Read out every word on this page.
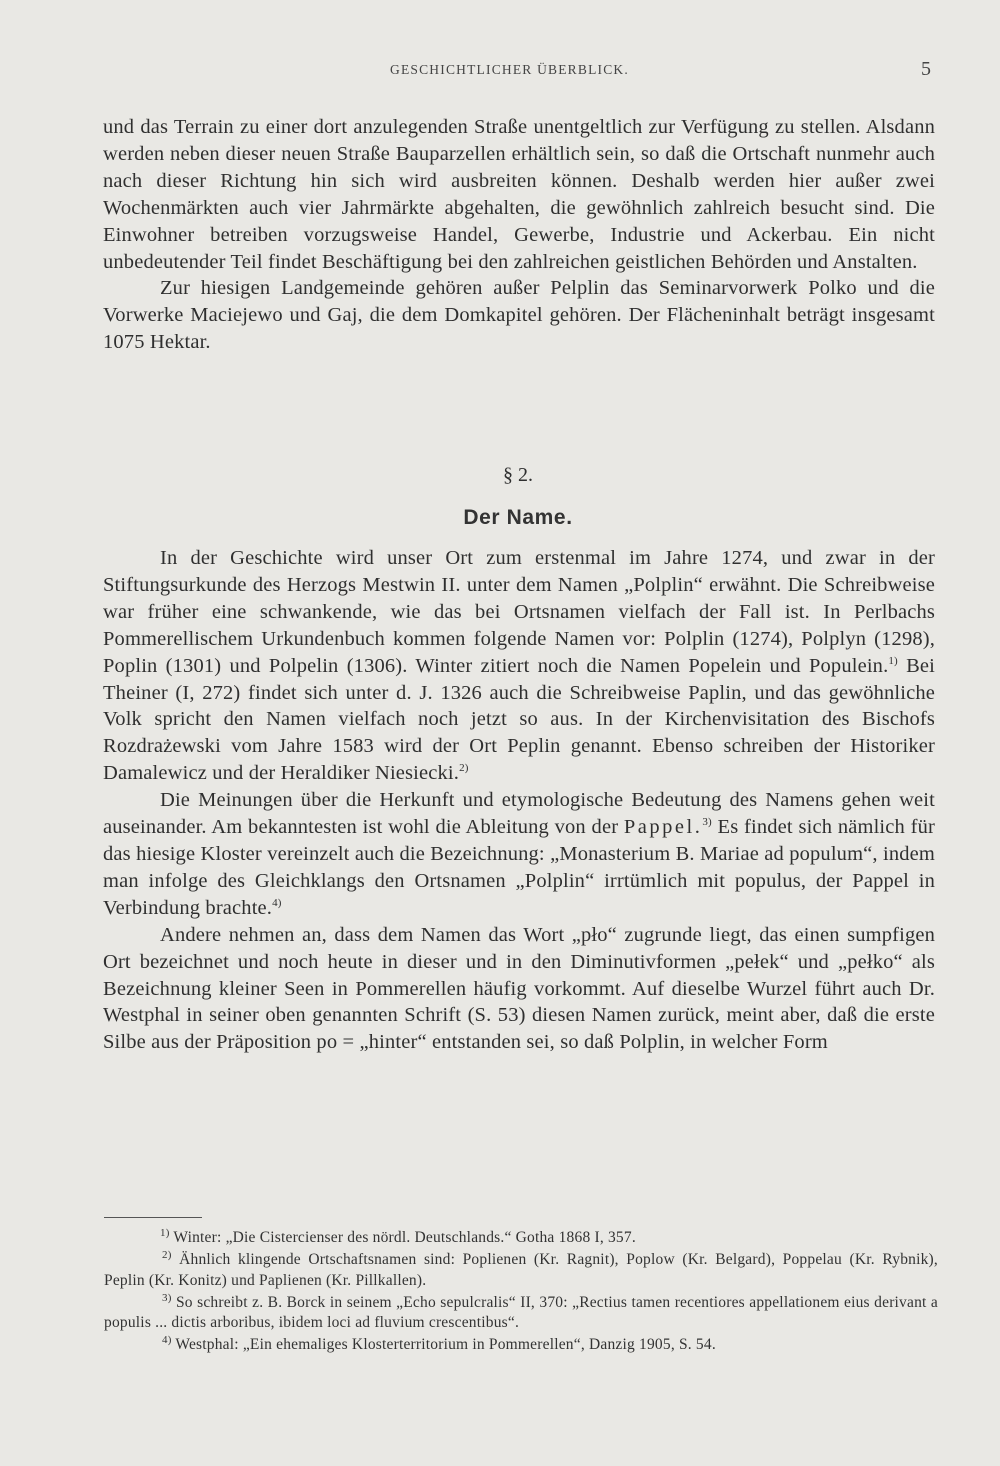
GESCHICHTLICHER ÜBERBLICK.	5

und das Terrain zu einer dort anzulegenden Straße unentgeltlich zur Verfügung zu stellen. Alsdann werden neben dieser neuen Straße Bauparzellen erhältlich sein, so daß die Ortschaft nunmehr auch nach dieser Richtung hin sich wird ausbreiten können. Deshalb werden hier außer zwei Wochenmärkten auch vier Jahrmärkte abgehalten, die gewöhnlich zahlreich besucht sind. Die Einwohner betreiben vorzugsweise Handel, Gewerbe, Industrie und Ackerbau. Ein nicht unbedeutender Teil findet Beschäftigung bei den zahlreichen geistlichen Behörden und Anstalten.

Zur hiesigen Landgemeinde gehören außer Pelplin das Seminarvorwerk Polko und die Vorwerke Maciejewo und Gaj, die dem Domkapitel gehören. Der Flächeninhalt beträgt insgesamt 1075 Hektar.

§ 2.
Der Name.

In der Geschichte wird unser Ort zum erstenmal im Jahre 1274, und zwar in der Stiftungsurkunde des Herzogs Mestwin II. unter dem Namen „Polplin“ erwähnt. Die Schreibweise war früher eine schwankende, wie das bei Ortsnamen vielfach der Fall ist. In Perlbachs Pommerellischem Urkundenbuch kommen folgende Namen vor: Polplin (1274), Polplyn (1298), Poplin (1301) und Polpelin (1306). Winter zitiert noch die Namen Popelein und Populein.$^{1)}$ Bei Theiner (I, 272) findet sich unter d. J. 1326 auch die Schreibweise Paplin, und das gewöhnliche Volk spricht den Namen vielfach noch jetzt so aus. In der Kirchenvisitation des Bischofs Rozdrażewski vom Jahre 1583 wird der Ort Peplin genannt. Ebenso schreiben der Historiker Damalewicz und der Heraldiker Niesiecki.$^{2)}$

Die Meinungen über die Herkunft und etymologische Bedeutung des Namens gehen weit auseinander. Am bekanntesten ist wohl die Ableitung von der Pappel.$^{3)}$ Es findet sich nämlich für das hiesige Kloster vereinzelt auch die Bezeichnung: „Monasterium B. Mariae ad populum“, indem man infolge des Gleichklangs den Ortsnamen „Polplin“ irrtümlich mit populus, der Pappel in Verbindung brachte.$^{4)}$

Andere nehmen an, dass dem Namen das Wort „pło“ zugrunde liegt, das einen sumpfigen Ort bezeichnet und noch heute in dieser und in den Diminutivformen „pełek“ und „pełko“ als Bezeichnung kleiner Seen in Pommerellen häufig vorkommt. Auf dieselbe Wurzel führt auch Dr. Westphal in seiner oben genannten Schrift (S. 53) diesen Namen zurück, meint aber, daß die erste Silbe aus der Präposition po = „hinter“ entstanden sei, so daß Polplin, in welcher Form

$^{1)}$ Winter: „Die Cistercienser des nördl. Deutschlands.“ Gotha 1868 I, 357.

$^{2)}$ Ähnlich klingende Ortschaftsnamen sind: Poplienen (Kr. Ragnit), Poplow (Kr. Belgard), Poppelau (Kr. Rybnik), Peplin (Kr. Konitz) und Paplienen (Kr. Pillkallen).

$^{3)}$ So schreibt z. B. Borck in seinem „Echo sepulcralis“ II, 370: „Rectius tamen recentiores appellationem eius derivant a populis ... dictis arboribus, ibidem loci ad fluvium crescentibus“.

$^{4)}$ Westphal: „Ein ehemaliges Klosterterritorium in Pommerellen“, Danzig 1905, S. 54.
